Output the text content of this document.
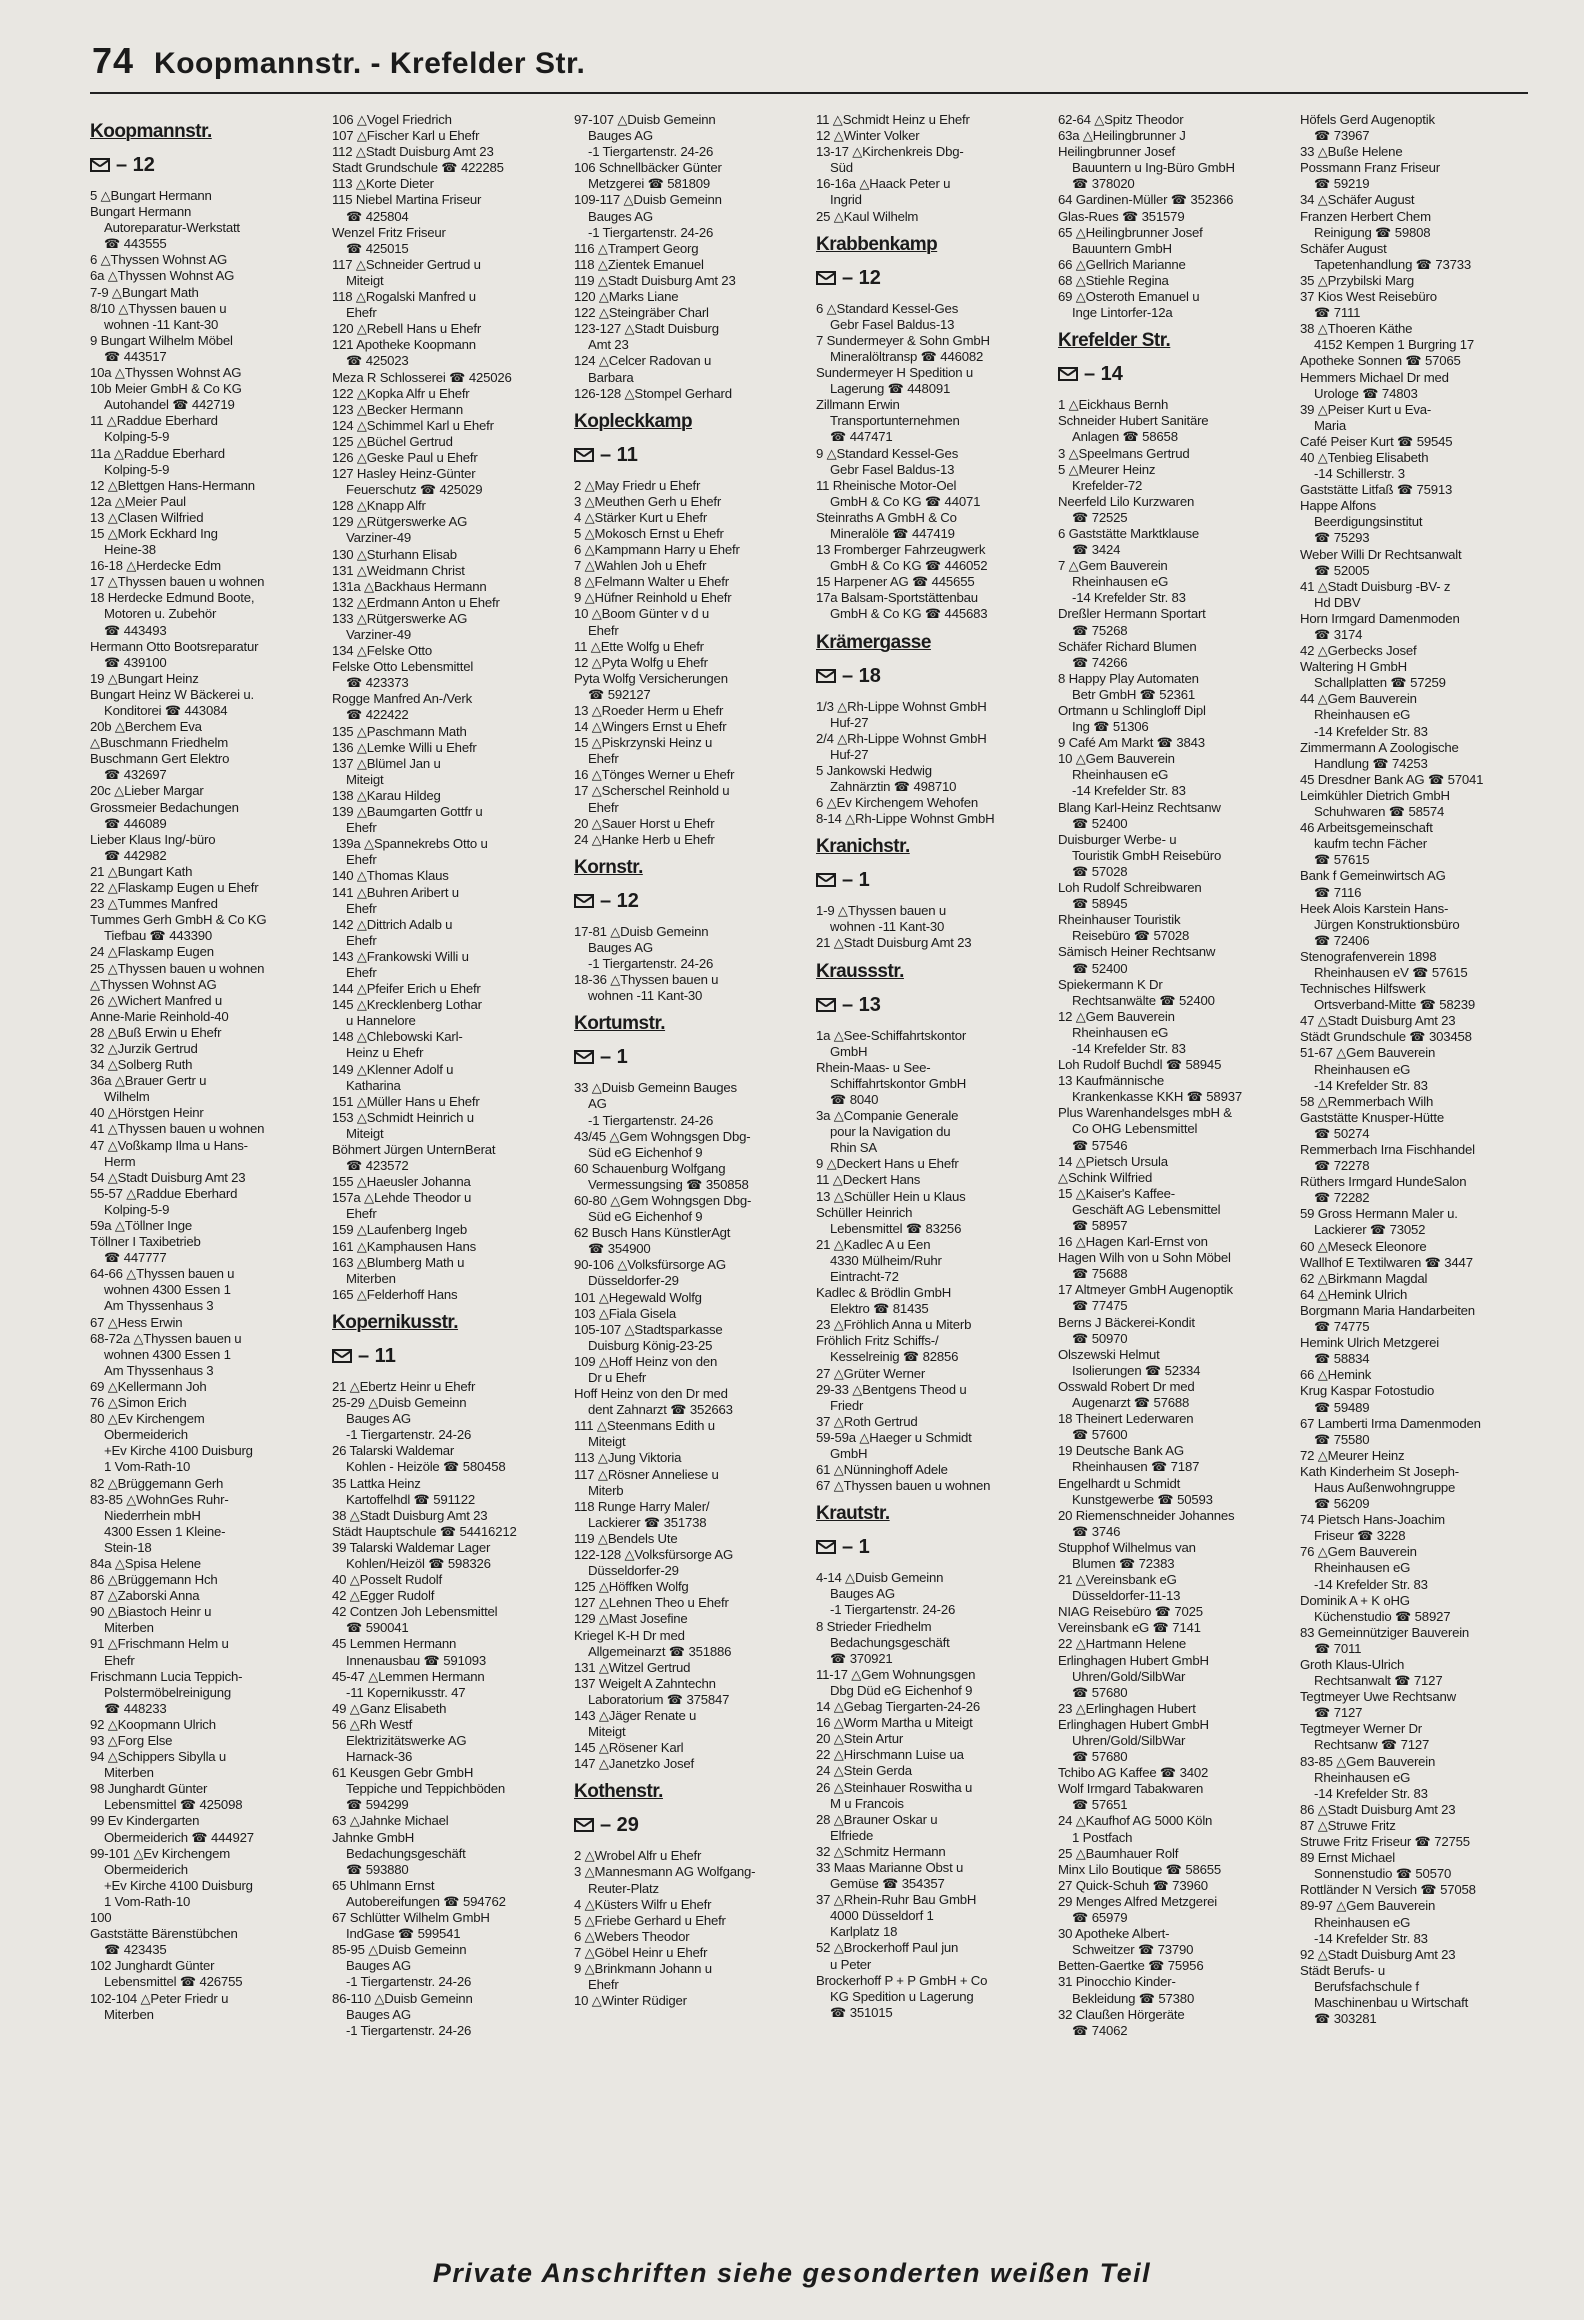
74 Koopmannstr. - Krefelder Str.
Koopmannstr.
– 12
5 △Bungart Hermann
Bungart Hermann
Autoreparatur-Werkstatt
☎ 443555
6 △Thyssen Wohnst AG
6a △Thyssen Wohnst AG
7-9 △Bungart Math
8/10 △Thyssen bauen u
wohnen -11 Kant-30
9 Bungart Wilhelm Möbel
☎ 443517
10a △Thyssen Wohnst AG
10b Meier GmbH & Co KG
Autohandel ☎ 442719
11 △Raddue Eberhard
Kolping-5-9
11a △Raddue Eberhard
Kolping-5-9
12 △Blettgen Hans-Hermann
12a △Meier Paul
13 △Clasen Wilfried
15 △Mork Eckhard Ing
Heine-38
16-18 △Herdecke Edm
17 △Thyssen bauen u wohnen
18 Herdecke Edmund Boote,
Motoren u. Zubehör
☎ 443493
Hermann Otto Bootsreparatur
☎ 439100
19 △Bungart Heinz
Bungart Heinz W Bäckerei u.
Konditorei ☎ 443084
20b △Berchem Eva
△Buschmann Friedhelm
Buschmann Gert Elektro
☎ 432697
20c △Lieber Margar
Grossmeier Bedachungen
☎ 446089
Lieber Klaus Ing/-büro
☎ 442982
21 △Bungart Kath
22 △Flaskamp Eugen u Ehefr
23 △Tummes Manfred
Tummes Gerh GmbH & Co KG
Tiefbau ☎ 443390
24 △Flaskamp Eugen
25 △Thyssen bauen u wohnen
△Thyssen Wohnst AG
26 △Wichert Manfred u
Anne-Marie Reinhold-40
28 △Buß Erwin u Ehefr
32 △Jurzik Gertrud
34 △Solberg Ruth
36a △Brauer Gertr u
Wilhelm
40 △Hörstgen Heinr
41 △Thyssen bauen u wohnen
47 △Voßkamp Ilma u Hans-
Herm
54 △Stadt Duisburg Amt 23
55-57 △Raddue Eberhard
Kolping-5-9
59a △Töllner Inge
Töllner I Taxibetrieb
☎ 447777
64-66 △Thyssen bauen u
wohnen 4300 Essen 1
Am Thyssenhaus 3
67 △Hess Erwin
68-72a △Thyssen bauen u
wohnen 4300 Essen 1
Am Thyssenhaus 3
69 △Kellermann Joh
76 △Simon Erich
80 △Ev Kirchengem
Obermeiderich
+Ev Kirche 4100 Duisburg
1 Vom-Rath-10
82 △Brüggemann Gerh
83-85 △WohnGes Ruhr-
Niederrhein mbH
4300 Essen 1 Kleine-
Stein-18
84a △Spisa Helene
86 △Brüggemann Hch
87 △Zaborski Anna
90 △Biastoch Heinr u
Miterben
91 △Frischmann Helm u
Ehefr
Frischmann Lucia Teppich-
Polstermöbelreinigung
☎ 448233
92 △Koopmann Ulrich
93 △Forg Else
94 △Schippers Sibylla u
Miterben
98 Junghardt Günter
Lebensmittel ☎ 425098
99 Ev Kindergarten
Obermeiderich ☎ 444927
99-101 △Ev Kirchengem
Obermeiderich
+Ev Kirche 4100 Duisburg
1 Vom-Rath-10
100
Gaststätte Bärenstübchen
☎ 423435
102 Junghardt Günter
Lebensmittel ☎ 426755
102-104 △Peter Friedr u
Miterben
106 △Vogel Friedrich
107 △Fischer Karl u Ehefr
112 △Stadt Duisburg Amt 23
Stadt Grundschule ☎ 422285
113 △Korte Dieter
115 Niebel Martina Friseur
☎ 425804
Wenzel Fritz Friseur
☎ 425015
117 △Schneider Gertrud u
Miteigt
118 △Rogalski Manfred u
Ehefr
120 △Rebell Hans u Ehefr
121 Apotheke Koopmann
☎ 425023
Meza R Schlosserei ☎ 425026
122 △Kopka Alfr u Ehefr
123 △Becker Hermann
124 △Schimmel Karl u Ehefr
125 △Büchel Gertrud
126 △Geske Paul u Ehefr
127 Hasley Heinz-Günter
Feuerschutz ☎ 425029
128 △Knapp Alfr
129 △Rütgerswerke AG
Varziner-49
130 △Sturhann Elisab
131 △Weidmann Christ
131a △Backhaus Hermann
132 △Erdmann Anton u Ehefr
133 △Rütgerswerke AG
Varziner-49
134 △Felske Otto
Felske Otto Lebensmittel
☎ 423373
Rogge Manfred An-/Verk
☎ 422422
135 △Paschmann Math
136 △Lemke Willi u Ehefr
137 △Blümel Jan u
Miteigt
138 △Karau Hildeg
139 △Baumgarten Gottfr u
Ehefr
139a △Spannekrebs Otto u
Ehefr
140 △Thomas Klaus
141 △Buhren Aribert u
Ehefr
142 △Dittrich Adalb u
Ehefr
143 △Frankowski Willi u
Ehefr
144 △Pfeifer Erich u Ehefr
145 △Krecklenberg Lothar
u Hannelore
148 △Chlebowski Karl-
Heinz u Ehefr
149 △Klenner Adolf u
Katharina
151 △Müller Hans u Ehefr
153 △Schmidt Heinrich u
Miteigt
Böhmert Jürgen UnternBerat
☎ 423572
155 △Haeusler Johanna
157a △Lehde Theodor u
Ehefr
159 △Laufenberg Ingeb
161 △Kamphausen Hans
163 △Blumberg Math u
Miterben
165 △Felderhoff Hans
Kopernikusstr.
– 11
21 △Ebertz Heinr u Ehefr
25-29 △Duisb Gemeinn
Bauges AG
-1 Tiergartenstr. 24-26
26 Talarski Waldemar
Kohlen - Heizöle ☎ 580458
35 Lattka Heinz
Kartoffelhdl ☎ 591122
38 △Stadt Duisburg Amt 23
Städt Hauptschule ☎ 54416212
39 Talarski Waldemar Lager
Kohlen/Heizöl ☎ 598326
40 △Posselt Rudolf
42 △Egger Rudolf
42 Contzen Joh Lebensmittel
☎ 590041
45 Lemmen Hermann
Innenausbau ☎ 591093
45-47 △Lemmen Hermann
-11 Kopernikusstr. 47
49 △Ganz Elisabeth
56 △Rh Westf
Elektrizitätswerke AG
Harnack-36
61 Keusgen Gebr GmbH
Teppiche und Teppichböden
☎ 594299
63 △Jahnke Michael
Jahnke GmbH
Bedachungsgeschäft
☎ 593880
65 Uhlmann Ernst
Autobereifungen ☎ 594762
67 Schlütter Wilhelm GmbH
IndGase ☎ 599541
85-95 △Duisb Gemeinn
Bauges AG
-1 Tiergartenstr. 24-26
86-110 △Duisb Gemeinn
Bauges AG
-1 Tiergartenstr. 24-26
97-107 △Duisb Gemeinn
Bauges AG
-1 Tiergartenstr. 24-26
106 Schnellbäcker Günter
Metzgerei ☎ 581809
109-117 △Duisb Gemeinn
Bauges AG
-1 Tiergartenstr. 24-26
116 △Trampert Georg
118 △Zientek Emanuel
119 △Stadt Duisburg Amt 23
120 △Marks Liane
122 △Steingräber Charl
123-127 △Stadt Duisburg
Amt 23
124 △Celcer Radovan u
Barbara
126-128 △Stompel Gerhard
Kopleckkamp
– 11
2 △May Friedr u Ehefr
3 △Meuthen Gerh u Ehefr
4 △Stärker Kurt u Ehefr
5 △Mokosch Ernst u Ehefr
6 △Kampmann Harry u Ehefr
7 △Wahlen Joh u Ehefr
8 △Felmann Walter u Ehefr
9 △Hüfner Reinhold u Ehefr
10 △Boom Günter v d u
Ehefr
11 △Ette Wolfg u Ehefr
12 △Pyta Wolfg u Ehefr
Pyta Wolfg Versicherungen
☎ 592127
13 △Roeder Herm u Ehefr
14 △Wingers Ernst u Ehefr
15 △Piskrzynski Heinz u
Ehefr
16 △Tönges Werner u Ehefr
17 △Scherschel Reinhold u
Ehefr
20 △Sauer Horst u Ehefr
24 △Hanke Herb u Ehefr
Kornstr.
– 12
17-81 △Duisb Gemeinn
Bauges AG
-1 Tiergartenstr. 24-26
18-36 △Thyssen bauen u
wohnen -11 Kant-30
Kortumstr.
– 1
33 △Duisb Gemeinn Bauges
AG
-1 Tiergartenstr. 24-26
43/45 △Gem Wohngsgen Dbg-
Süd eG Eichenhof 9
60 Schauenburg Wolfgang
Vermessungsing ☎ 350858
60-80 △Gem Wohngsgen Dbg-
Süd eG Eichenhof 9
62 Busch Hans KünstlerAgt
☎ 354900
90-106 △Volksfürsorge AG
Düsseldorfer-29
101 △Hegewald Wolfg
103 △Fiala Gisela
105-107 △Stadtsparkasse
Duisburg König-23-25
109 △Hoff Heinz von den
Dr u Ehefr
Hoff Heinz von den Dr med
dent Zahnarzt ☎ 352663
111 △Steenmans Edith u
Miteigt
113 △Jung Viktoria
117 △Rösner Anneliese u
Miterb
118 Runge Harry Maler/
Lackierer ☎ 351738
119 △Bendels Ute
122-128 △Volksfürsorge AG
Düsseldorfer-29
125 △Höffken Wolfg
127 △Lehnen Theo u Ehefr
129 △Mast Josefine
Kriegel K-H Dr med
Allgemeinarzt ☎ 351886
131 △Witzel Gertrud
137 Weigelt A Zahntechn
Laboratorium ☎ 375847
143 △Jäger Renate u
Miteigt
145 △Rösener Karl
147 △Janetzko Josef
Kothenstr.
– 29
2 △Wrobel Alfr u Ehefr
3 △Mannesmann AG Wolfgang-
Reuter-Platz
4 △Küsters Wilfr u Ehefr
5 △Friebe Gerhard u Ehefr
6 △Webers Theodor
7 △Göbel Heinr u Ehefr
9 △Brinkmann Johann u
Ehefr
10 △Winter Rüdiger
11 △Schmidt Heinz u Ehefr
12 △Winter Volker
13-17 △Kirchenkreis Dbg-
Süd
16-16a △Haack Peter u
Ingrid
25 △Kaul Wilhelm
Krabbenkamp
– 12
6 △Standard Kessel-Ges
Gebr Fasel Baldus-13
7 Sundermeyer & Sohn GmbH
Mineralöltransp ☎ 446082
Sundermeyer H Spedition u
Lagerung ☎ 448091
Zillmann Erwin
Transportunternehmen
☎ 447471
9 △Standard Kessel-Ges
Gebr Fasel Baldus-13
11 Rheinische Motor-Oel
GmbH & Co KG ☎ 44071
Steinraths A GmbH & Co
Mineralöle ☎ 447419
13 Fromberger Fahrzeugwerk
GmbH & Co KG ☎ 446052
15 Harpener AG ☎ 445655
17a Balsam-Sportstättenbau
GmbH & Co KG ☎ 445683
Krämergasse
– 18
1/3 △Rh-Lippe Wohnst GmbH
Huf-27
2/4 △Rh-Lippe Wohnst GmbH
Huf-27
5 Jankowski Hedwig
Zahnärztin ☎ 498710
6 △Ev Kirchengem Wehofen
8-14 △Rh-Lippe Wohnst GmbH
Kranichstr.
– 1
1-9 △Thyssen bauen u
wohnen -11 Kant-30
21 △Stadt Duisburg Amt 23
Kraussstr.
– 13
1a △See-Schiffahrtskontor
GmbH
Rhein-Maas- u See-
Schiffahrtskontor GmbH
☎ 8040
3a △Companie Generale
pour la Navigation du
Rhin SA
9 △Deckert Hans u Ehefr
11 △Deckert Hans
13 △Schüller Hein u Klaus
Schüller Heinrich
Lebensmittel ☎ 83256
21 △Kadlec A u Een
4330 Mülheim/Ruhr
Eintracht-72
Kadlec & Brödlin GmbH
Elektro ☎ 81435
23 △Fröhlich Anna u Miterb
Fröhlich Fritz Schiffs-/
Kesselreinig ☎ 82856
27 △Grüter Werner
29-33 △Bentgens Theod u
Friedr
37 △Roth Gertrud
59-59a △Haeger u Schmidt
GmbH
61 △Nünninghoff Adele
67 △Thyssen bauen u wohnen
Krautstr.
– 1
4-14 △Duisb Gemeinn
Bauges AG
-1 Tiergartenstr. 24-26
8 Strieder Friedhelm
Bedachungsgeschäft
☎ 370921
11-17 △Gem Wohnungsgen
Dbg Düd eG Eichenhof 9
14 △Gebag Tiergarten-24-26
16 △Worm Martha u Miteigt
20 △Stein Artur
22 △Hirschmann Luise ua
24 △Stein Gerda
26 △Steinhauer Roswitha u
M u Francois
28 △Brauner Oskar u
Elfriede
32 △Schmitz Hermann
33 Maas Marianne Obst u
Gemüse ☎ 354357
37 △Rhein-Ruhr Bau GmbH
4000 Düsseldorf 1
Karlplatz 18
52 △Brockerhoff Paul jun
u Peter
Brockerhoff P + P GmbH + Co
KG Spedition u Lagerung
☎ 351015
62-64 △Spitz Theodor
63a △Heilingbrunner J
Heilingbrunner Josef
Bauuntern u Ing-Büro GmbH
☎ 378020
64 Gardinen-Müller ☎ 352366
Glas-Rues ☎ 351579
65 △Heilingbrunner Josef
Bauuntern GmbH
66 △Gellrich Marianne
68 △Stiehle Regina
69 △Osteroth Emanuel u
Inge Lintorfer-12a
Krefelder Str.
– 14
1 △Eickhaus Bernh
Schneider Hubert Sanitäre
Anlagen ☎ 58658
3 △Speelmans Gertrud
5 △Meurer Heinz
Krefelder-72
Neerfeld Lilo Kurzwaren
☎ 72525
6 Gaststätte Marktklause
☎ 3424
7 △Gem Bauverein
Rheinhausen eG
-14 Krefelder Str. 83
Dreßler Hermann Sportart
☎ 75268
Schäfer Richard Blumen
☎ 74266
8 Happy Play Automaten
Betr GmbH ☎ 52361
Ortmann u Schlingloff Dipl
Ing ☎ 51306
9 Café Am Markt ☎ 3843
10 △Gem Bauverein
Rheinhausen eG
-14 Krefelder Str. 83
Blang Karl-Heinz Rechtsanw
☎ 52400
Duisburger Werbe- u
Touristik GmbH Reisebüro
☎ 57028
Loh Rudolf Schreibwaren
☎ 58945
Rheinhauser Touristik
Reisebüro ☎ 57028
Sämisch Heiner Rechtsanw
☎ 52400
Spiekermann K Dr
Rechtsanwälte ☎ 52400
12 △Gem Bauverein
Rheinhausen eG
-14 Krefelder Str. 83
Loh Rudolf Buchdl ☎ 58945
13 Kaufmännische
Krankenkasse KKH ☎ 58937
Plus Warenhandelsges mbH &
Co OHG Lebensmittel
☎ 57546
14 △Pietsch Ursula
△Schink Wilfried
15 △Kaiser's Kaffee-
Geschäft AG Lebensmittel
☎ 58957
16 △Hagen Karl-Ernst von
Hagen Wilh von u Sohn Möbel
☎ 75688
17 Altmeyer GmbH Augenoptik
☎ 77475
Berns J Bäckerei-Kondit
☎ 50970
Olszewski Helmut
Isolierungen ☎ 52334
Osswald Robert Dr med
Augenarzt ☎ 57688
18 Theinert Lederwaren
☎ 57600
19 Deutsche Bank AG
Rheinhausen ☎ 7187
Engelhardt u Schmidt
Kunstgewerbe ☎ 50593
20 Riemenschneider Johannes
☎ 3746
Stupphof Wilhelmus van
Blumen ☎ 72383
21 △Vereinsbank eG
Düsseldorfer-11-13
NIAG Reisebüro ☎ 7025
Vereinsbank eG ☎ 7141
22 △Hartmann Helene
Erlinghagen Hubert GmbH
Uhren/Gold/SilbWar
☎ 57680
23 △Erlinghagen Hubert
Erlinghagen Hubert GmbH
Uhren/Gold/SilbWar
☎ 57680
Tchibo AG Kaffee ☎ 3402
Wolf Irmgard Tabakwaren
☎ 57651
24 △Kaufhof AG 5000 Köln
1 Postfach
25 △Baumhauer Rolf
Minx Lilo Boutique ☎ 58655
27 Quick-Schuh ☎ 73960
29 Menges Alfred Metzgerei
☎ 65979
30 Apotheke Albert-
Schweitzer ☎ 73790
Betten-Gaertke ☎ 75956
31 Pinocchio Kinder-
Bekleidung ☎ 57380
32 Claußen Hörgeräte
☎ 74062
Höfels Gerd Augenoptik
☎ 73967
33 △Buße Helene
Possmann Franz Friseur
☎ 59219
34 △Schäfer August
Franzen Herbert Chem
Reinigung ☎ 59808
Schäfer August
Tapetenhandlung ☎ 73733
35 △Przybilski Marg
37 Kios West Reisebüro
☎ 7111
38 △Thoeren Käthe
4152 Kempen 1 Burgring 17
Apotheke Sonnen ☎ 57065
Hemmers Michael Dr med
Urologe ☎ 74803
39 △Peiser Kurt u Eva-
Maria
Café Peiser Kurt ☎ 59545
40 △Tenbieg Elisabeth
-14 Schillerstr. 3
Gaststätte Litfaß ☎ 75913
Happe Alfons
Beerdigungsinstitut
☎ 75293
Weber Willi Dr Rechtsanwalt
☎ 52005
41 △Stadt Duisburg -BV- z
Hd DBV
Horn Irmgard Damenmoden
☎ 3174
42 △Gerbecks Josef
Waltering H GmbH
Schallplatten ☎ 57259
44 △Gem Bauverein
Rheinhausen eG
-14 Krefelder Str. 83
Zimmermann A Zoologische
Handlung ☎ 74253
45 Dresdner Bank AG ☎ 57041
Leimkühler Dietrich GmbH
Schuhwaren ☎ 58574
46 Arbeitsgemeinschaft
kaufm techn Fächer
☎ 57615
Bank f Gemeinwirtsch AG
☎ 7116
Heek Alois Karstein Hans-
Jürgen Konstruktionsbüro
☎ 72406
Stenografenverein 1898
Rheinhausen eV ☎ 57615
Technisches Hilfswerk
Ortsverband-Mitte ☎ 58239
47 △Stadt Duisburg Amt 23
Städt Grundschule ☎ 303458
51-67 △Gem Bauverein
Rheinhausen eG
-14 Krefelder Str. 83
58 △Remmerbach Wilh
Gaststätte Knusper-Hütte
☎ 50274
Remmerbach Irna Fischhandel
☎ 72278
Rüthers Irmgard HundeSalon
☎ 72282
59 Gross Hermann Maler u.
Lackierer ☎ 73052
60 △Meseck Eleonore
Wallhof E Textilwaren ☎ 3447
62 △Birkmann Magdal
64 △Hemink Ulrich
Borgmann Maria Handarbeiten
☎ 74775
Hemink Ulrich Metzgerei
☎ 58834
66 △Hemink
Krug Kaspar Fotostudio
☎ 59489
67 Lamberti Irma Damenmoden
☎ 75580
72 △Meurer Heinz
Kath Kinderheim St Joseph-
Haus Außenwohngruppe
☎ 56209
74 Pietsch Hans-Joachim
Friseur ☎ 3228
76 △Gem Bauverein
Rheinhausen eG
-14 Krefelder Str. 83
Dominik A + K oHG
Küchenstudio ☎ 58927
83 Gemeinnütziger Bauverein
☎ 7011
Groth Klaus-Ulrich
Rechtsanwalt ☎ 7127
Tegtmeyer Uwe Rechtsanw
☎ 7127
Tegtmeyer Werner Dr
Rechtsanw ☎ 7127
83-85 △Gem Bauverein
Rheinhausen eG
-14 Krefelder Str. 83
86 △Stadt Duisburg Amt 23
87 △Struwe Fritz
Struwe Fritz Friseur ☎ 72755
89 Ernst Michael
Sonnenstudio ☎ 50570
Rottländer N Versich ☎ 57058
89-97 △Gem Bauverein
Rheinhausen eG
-14 Krefelder Str. 83
92 △Stadt Duisburg Amt 23
Städt Berufs- u
Berufsfachschule f
Maschinenbau u Wirtschaft
☎ 303281
Private Anschriften siehe gesonderten weißen Teil
